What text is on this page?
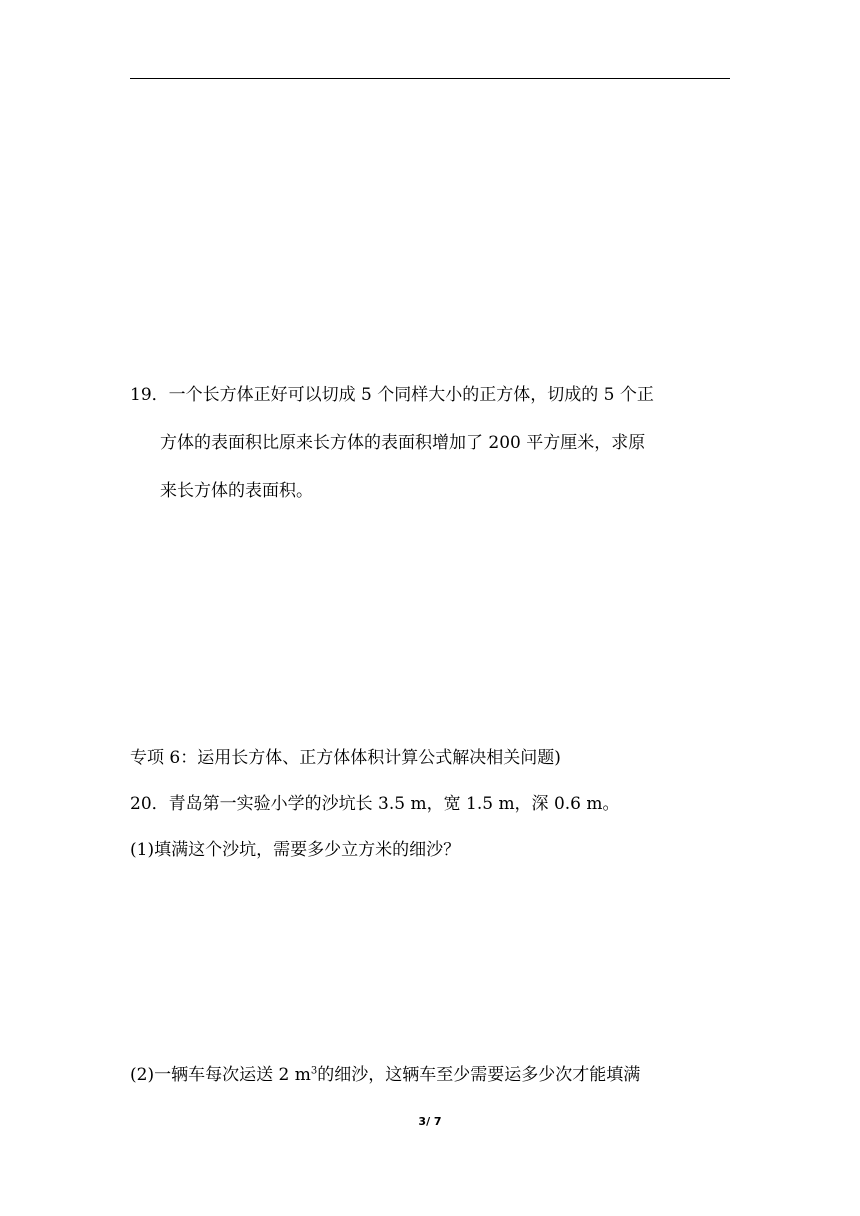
19．一个长方体正好可以切成 5 个同样大小的正方体，切成的 5 个正
方体的表面积比原来长方体的表面积增加了 200 平方厘米，求原
来长方体的表面积。
专项 6：运用长方体、正方体体积计算公式解决相关问题)
20．青岛第一实验小学的沙坑长 3.5 m，宽 1.5 m，深 0.6 m。
(1)填满这个沙坑，需要多少立方米的细沙？
(2)一辆车每次运送 2 $m^3$的细沙，这辆车至少需要运多少次才能填满
3/ 7
